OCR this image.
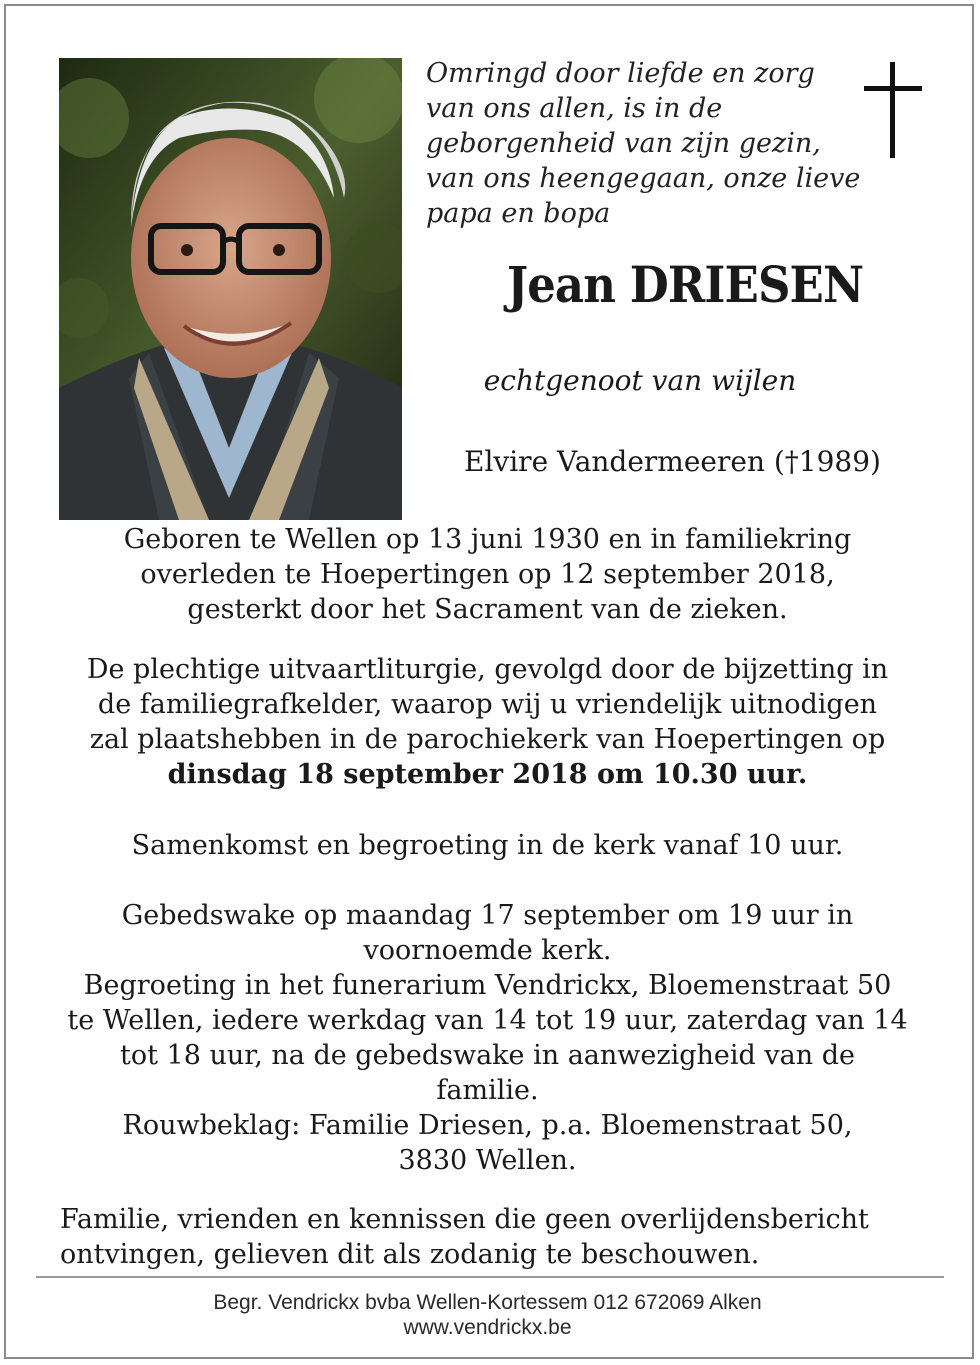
Omringd door liefde en zorg
van ons allen, is in de
geborgenheid van zijn gezin,
van ons heengegaan, onze lieve
papa en bopa
Jean DRIESEN
echtgenoot van wijlen
Elvire Vandermeeren (†1989)
Geboren te Wellen op 13 juni 1930 en in familiekring
overleden te Hoepertingen op 12 september 2018,
gesterkt door het Sacrament van de zieken.
De plechtige uitvaartliturgie, gevolgd door de bijzetting in
de familiegrafkelder, waarop wij u vriendelijk uitnodigen
zal plaatshebben in de parochiekerk van Hoepertingen op
dinsdag 18 september 2018 om 10.30 uur.
Samenkomst en begroeting in de kerk vanaf 10 uur.
Gebedswake op maandag 17 september om 19 uur in
voornoemde kerk.
Begroeting in het funerarium Vendrickx, Bloemenstraat 50
te Wellen, iedere werkdag van 14 tot 19 uur, zaterdag van 14
tot 18 uur, na de gebedswake in aanwezigheid van de
familie.
Rouwbeklag: Familie Driesen, p.a. Bloemenstraat 50,
3830 Wellen.
Familie, vrienden en kennissen die geen overlijdensbericht
ontvingen, gelieven dit als zodanig te beschouwen.
Begr. Vendrickx bvba Wellen-Kortessem 012 672069 Alken
www.vendrickx.be
